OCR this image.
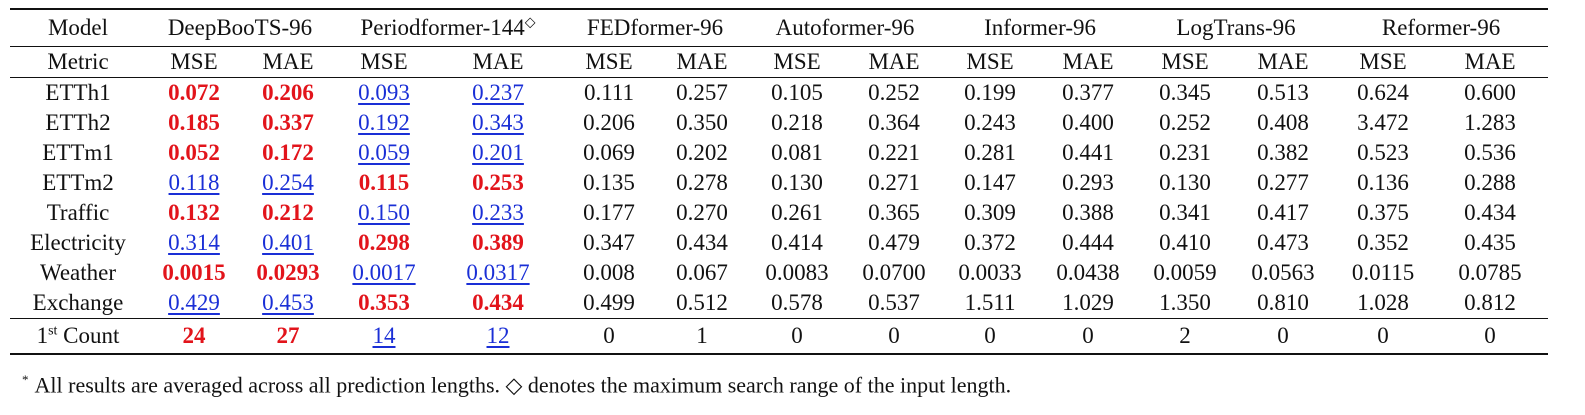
Model	DeepBooTS-96		Periodformer-144◇		FEDformer-96		Autoformer-96		Informer-96		LogTrans-96		Reformer-96	
Metric	MSE	MAE	MSE	MAE	MSE	MAE	MSE	MAE	MSE	MAE	MSE	MAE	MSE	MAE
ETTh1	0.072	0.206	0.093	0.237	0.111	0.257	0.105	0.252	0.199	0.377	0.345	0.513	0.624	0.600
ETTh2	0.185	0.337	0.192	0.343	0.206	0.350	0.218	0.364	0.243	0.400	0.252	0.408	3.472	1.283
ETTm1	0.052	0.172	0.059	0.201	0.069	0.202	0.081	0.221	0.281	0.441	0.231	0.382	0.523	0.536
ETTm2	0.118	0.254	0.115	0.253	0.135	0.278	0.130	0.271	0.147	0.293	0.130	0.277	0.136	0.288
Traffic	0.132	0.212	0.150	0.233	0.177	0.270	0.261	0.365	0.309	0.388	0.341	0.417	0.375	0.434
Electricity	0.314	0.401	0.298	0.389	0.347	0.434	0.414	0.479	0.372	0.444	0.410	0.473	0.352	0.435
Weather	0.0015	0.0293	0.0017	0.0317	0.008	0.067	0.0083	0.0700	0.0033	0.0438	0.0059	0.0563	0.0115	0.0785
Exchange	0.429	0.453	0.353	0.434	0.499	0.512	0.578	0.537	1.511	1.029	1.350	0.810	1.028	0.812
1st Count	24	27	14	12	0	1	0	0	0	0	2	0	0	0
* All results are averaged across all prediction lengths. ◇ denotes the maximum search range of the input length.
